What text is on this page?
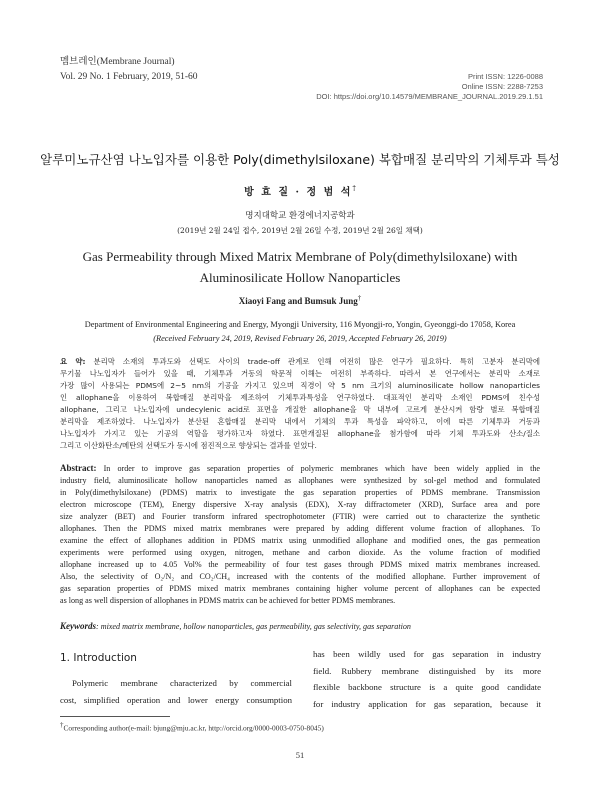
멤브레인(Membrane Journal)
Vol. 29 No. 1 February, 2019, 51-60	Print ISSN: 1226-0088
Online ISSN: 2288-7253
DOI: https://doi.org/10.14579/MEMBRANE_JOURNAL.2019.29.1.51
알루미노규산염 나노입자를 이용한 Poly(dimethylsiloxane) 복합매질 분리막의 기체투과 특성
방 효 질 · 정 범 석†
명지대학교 환경에너지공학과
(2019년 2월 24일 접수, 2019년 2월 26일 수정, 2019년 2월 26일 채택)
Gas Permeability through Mixed Matrix Membrane of Poly(dimethylsiloxane) with
Aluminosilicate Hollow Nanoparticles
Xiaoyi Fang and Bumsuk Jung†
Department of Environmental Engineering and Energy, Myongji University, 116 Myongji-ro, Yongin, Gyeonggi-do 17058, Korea
(Received February 24, 2019, Revised February 26, 2019, Accepted February 26, 2019)
요 약: 분리막 소재의 투과도와 선택도 사이의 trade-off 관계로 인해 여전히 많은 연구가 필요하다. 특히 고분자 분리막에
무기물 나노입자가 들어가 있을 때, 기체투과 거동의 학문적 이해는 여전히 부족하다. 따라서 본 연구에서는 분리막 소재로
가장 많이 사용되는 PDMS에 2~5 nm의 기공을 가지고 있으며 직경이 약 5 nm 크기의 aluminosilicate hollow nanoparticles
인 allophane을 이용하여 복합매질 분리막을 제조하여 기체투과특성을 연구하였다. 대표적인 분리막 소재인 PDMS에 친수성
allophane, 그리고 나노입자에 undecylenic acid로 표면을 개질한 allophane을 막 내부에 고르게 분산시켜 함량 별로 복합매질
분리막을 제조하였다. 나노입자가 분산된 혼합매질 분리막 내에서 기체의 투과 특성을 파악하고, 이에 따른 기체투과 거동과
나노입자가 가지고 있는 기공의 역할을 평가하고자 하였다. 표면개질된 allophane을 첨가함에 따라 기체 투과도와 산소/질소
그리고 이산화탄소/메탄의 선택도가 동시에 점진적으로 향상되는 결과를 얻었다.
Abstract: In order to improve gas separation properties of polymeric membranes which have been widely applied in the
industry field, aluminosilicate hollow nanoparticles named as allophanes were synthesized by sol-gel method and formulated
in Poly(dimethylsiloxane) (PDMS) matrix to investigate the gas separation properties of PDMS membrane. Transmission
electron microscope (TEM), Energy dispersive X-ray analysis (EDX), X-ray diffractometer (XRD), Surface area and pore
size analyzer (BET) and Fourier transform infrared spectrophotometer (FTIR) were carried out to characterize the synthetic
allophanes. Then the PDMS mixed matrix membranes were prepared by adding different volume fraction of allophanes. To
examine the effect of allophanes addition in PDMS matrix using unmodified allophane and modified ones, the gas permeation
experiments were performed using oxygen, nitrogen, methane and carbon dioxide. As the volume fraction of modified
allophane increased up to 4.05 Vol% the permeability of four test gases through PDMS mixed matrix membranes increased.
Also, the selectivity of O₂/N₂ and CO₂/CH₄ increased with the contents of the modified allophane. Further improvement of
gas separation properties of PDMS mixed matrix membranes containing higher volume percent of allophanes can be expected
as long as well dispersion of allophanes in PDMS matrix can be achieved for better PDMS membranes.
Keywords: mixed matrix membrane, hollow nanoparticles, gas permeability, gas selectivity, gas separation
1. Introduction
Polymeric membrane characterized by commercial
cost, simplified operation and lower energy consumption
has been wildly used for gas separation in industry
field. Rubbery membrane distinguished by its more
flexible backbone structure is a quite good candidate
for industry application for gas separation, because it
†Corresponding author(e-mail: bjung@mju.ac.kr, http://orcid.org/0000-0003-0750-8045)
51
